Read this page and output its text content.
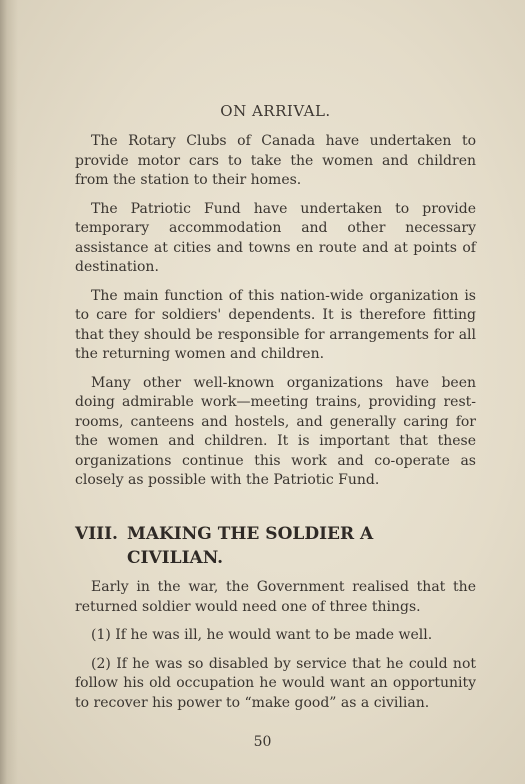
ON ARRIVAL.

The Rotary Clubs of Canada have undertaken to provide motor cars to take the women and children from the station to their homes.

The Patriotic Fund have undertaken to provide temporary accommodation and other necessary assistance at cities and towns en route and at points of destination.

The main function of this nation-wide organization is to care for soldiers' dependents. It is therefore fitting that they should be responsible for arrangements for all the returning women and children.

Many other well-known organizations have been doing admirable work—meeting trains, providing rest-rooms, canteens and hostels, and generally caring for the women and children. It is important that these organizations continue this work and co-operate as closely as possible with the Patriotic Fund.

VIII. MAKING THE SOLDIER A
CIVILIAN.

Early in the war, the Government realised that the returned soldier would need one of three things.

(1) If he was ill, he would want to be made well.

(2) If he was so disabled by service that he could not follow his old occupation he would want an opportunity to recover his power to “make good” as a civilian.

50
